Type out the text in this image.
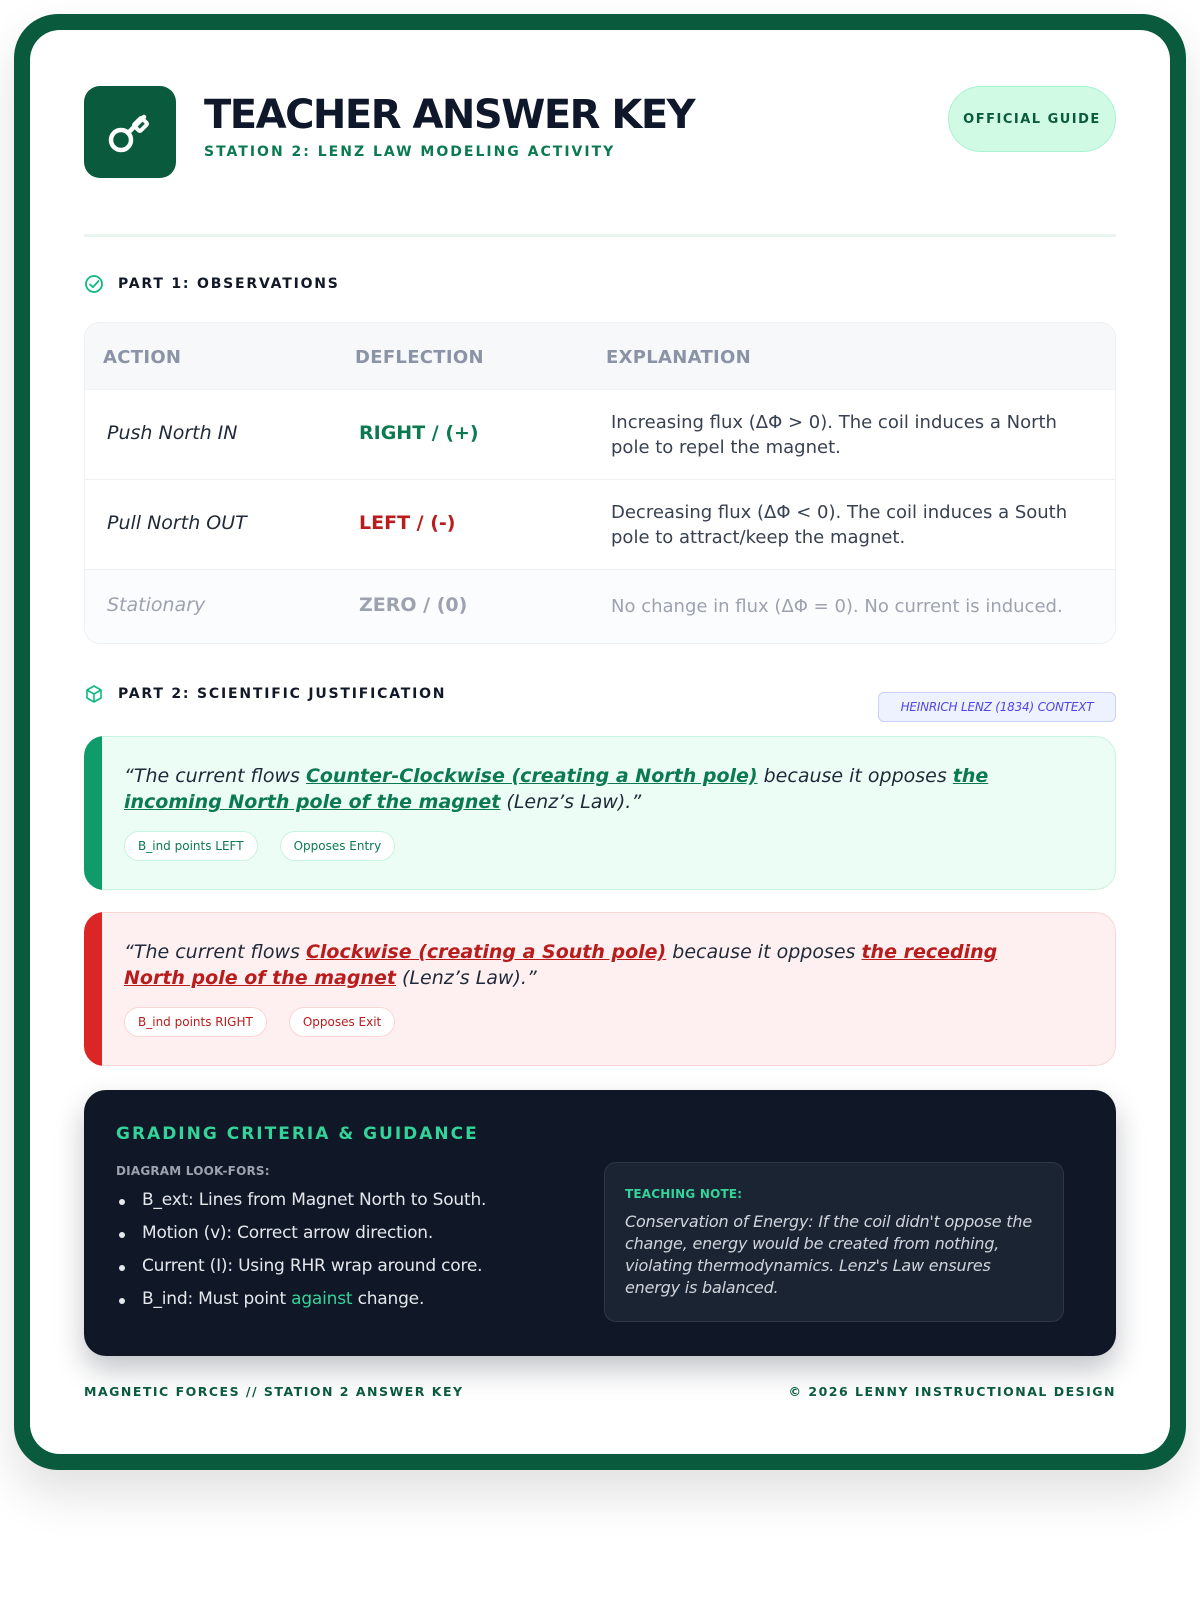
TEACHER ANSWER KEY
STATION 2: LENZ LAW MODELING ACTIVITY
OFFICIAL GUIDE
PART 1: OBSERVATIONS
ACTION	DEFLECTION	EXPLANATION
Push North IN	RIGHT / (+)	Increasing flux (ΔΦ > 0). The coil induces a North pole to repel the magnet.
Pull North OUT	LEFT / (-)	Decreasing flux (ΔΦ < 0). The coil induces a South pole to attract/keep the magnet.
Stationary	ZERO / (0)	No change in flux (ΔΦ = 0). No current is induced.
PART 2: SCIENTIFIC JUSTIFICATION
HEINRICH LENZ (1834) CONTEXT
“The current flows Counter-Clockwise (creating a North pole) because it opposes the incoming North pole of the magnet (Lenz’s Law).”
B_ind points LEFT	Opposes Entry
“The current flows Clockwise (creating a South pole) because it opposes the receding North pole of the magnet (Lenz’s Law).”
B_ind points RIGHT	Opposes Exit
GRADING CRITERIA & GUIDANCE
DIAGRAM LOOK-FORS:
B_ext: Lines from Magnet North to South.
Motion (v): Correct arrow direction.
Current (I): Using RHR wrap around core.
B_ind: Must point against change.
TEACHING NOTE:
Conservation of Energy: If the coil didn't oppose the change, energy would be created from nothing, violating thermodynamics. Lenz's Law ensures energy is balanced.
MAGNETIC FORCES // STATION 2 ANSWER KEY	© 2026 LENNY INSTRUCTIONAL DESIGN
